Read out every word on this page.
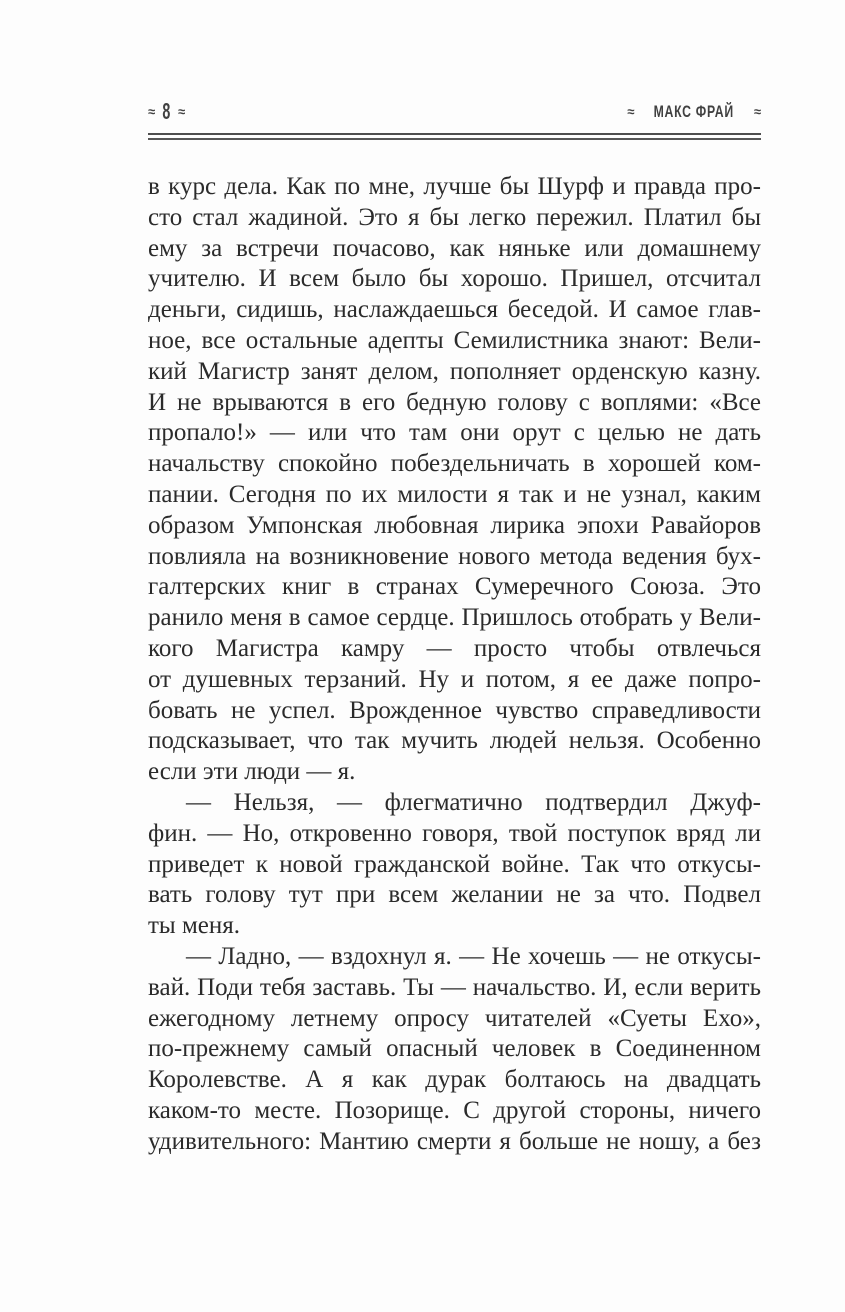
≈ 8 ≈	≈ МАКС ФРАЙ ≈
в курс дела. Как по мне, лучше бы Шурф и правда про-
сто стал жадиной. Это я бы легко пережил. Платил бы
ему за встречи почасово, как няньке или домашнему
учителю. И всем было бы хорошо. Пришел, отсчитал
деньги, сидишь, наслаждаешься беседой. И самое глав-
ное, все остальные адепты Семилистника знают: Вели-
кий Магистр занят делом, пополняет орденскую казну.
И не врываются в его бедную голову с воплями: «Все
пропало!» — или что там они орут с целью не дать
начальству спокойно побездельничать в хорошей ком-
пании. Сегодня по их милости я так и не узнал, каким
образом Умпонская любовная лирика эпохи Равайоров
повлияла на возникновение нового метода ведения бух-
галтерских книг в странах Сумеречного Союза. Это
ранило меня в самое сердце. Пришлось отобрать у Вели-
кого Магистра камру — просто чтобы отвлечься
от душевных терзаний. Ну и потом, я ее даже попро-
бовать не успел. Врожденное чувство справедливости
подсказывает, что так мучить людей нельзя. Особенно
если эти люди — я.
— Нельзя, — флегматично подтвердил Джуф-
фин. — Но, откровенно говоря, твой поступок вряд ли
приведет к новой гражданской войне. Так что откусы-
вать голову тут при всем желании не за что. Подвел
ты меня.
— Ладно, — вздохнул я. — Не хочешь — не откусы-
вай. Поди тебя заставь. Ты — начальство. И, если верить
ежегодному летнему опросу читателей «Суеты Ехо»,
по-прежнему самый опасный человек в Соединенном
Королевстве. А я как дурак болтаюсь на двадцать
каком-то месте. Позорище. С другой стороны, ничего
удивительного: Мантию смерти я больше не ношу, а без
